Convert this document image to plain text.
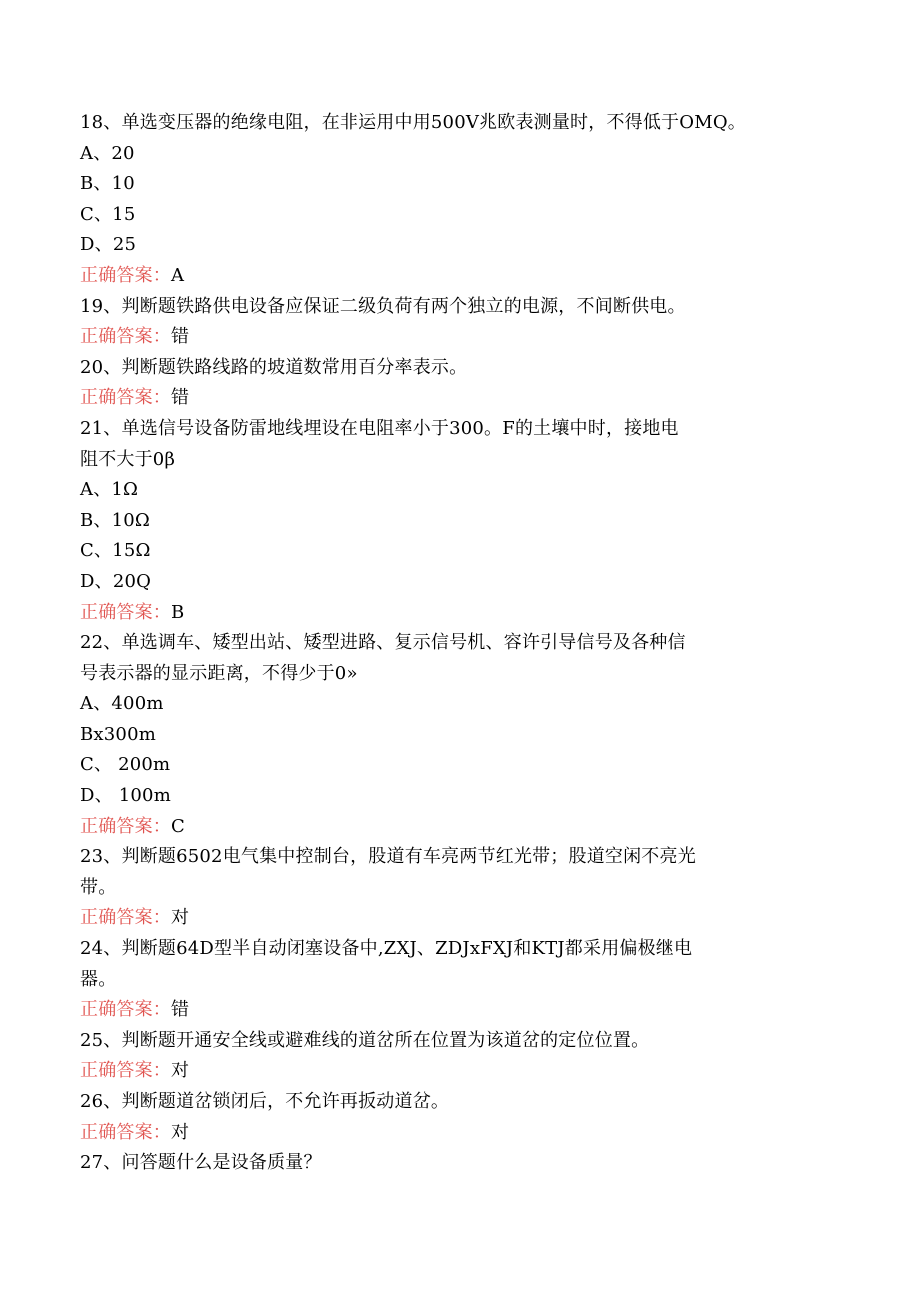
18、单选变压器的绝缘电阻，在非运用中用500V兆欧表测量时，不得低于OMQ。
A、20
B、10
C、15
D、25
正确答案：A
19、判断题铁路供电设备应保证二级负荷有两个独立的电源，不间断供电。
正确答案：错
20、判断题铁路线路的坡道数常用百分率表示。
正确答案：错
21、单选信号设备防雷地线埋设在电阻率小于300。F的土壤中时，接地电
阻不大于0β
A、1Ω
B、10Ω
C、15Ω
D、20Q
正确答案：B
22、单选调车、矮型出站、矮型进路、复示信号机、容许引导信号及各种信
号表示器的显示距离，不得少于0»
A、400m
Bx300m
C、 200m
D、 100m
正确答案：C
23、判断题6502电气集中控制台，股道有车亮两节红光带；股道空闲不亮光
带。
正确答案：对
24、判断题64D型半自动闭塞设备中,ZXJ、ZDJxFXJ和KTJ都采用偏极继电
器。
正确答案：错
25、判断题开通安全线或避难线的道岔所在位置为该道岔的定位位置。
正确答案：对
26、判断题道岔锁闭后，不允许再扳动道岔。
正确答案：对
27、问答题什么是设备质量？
